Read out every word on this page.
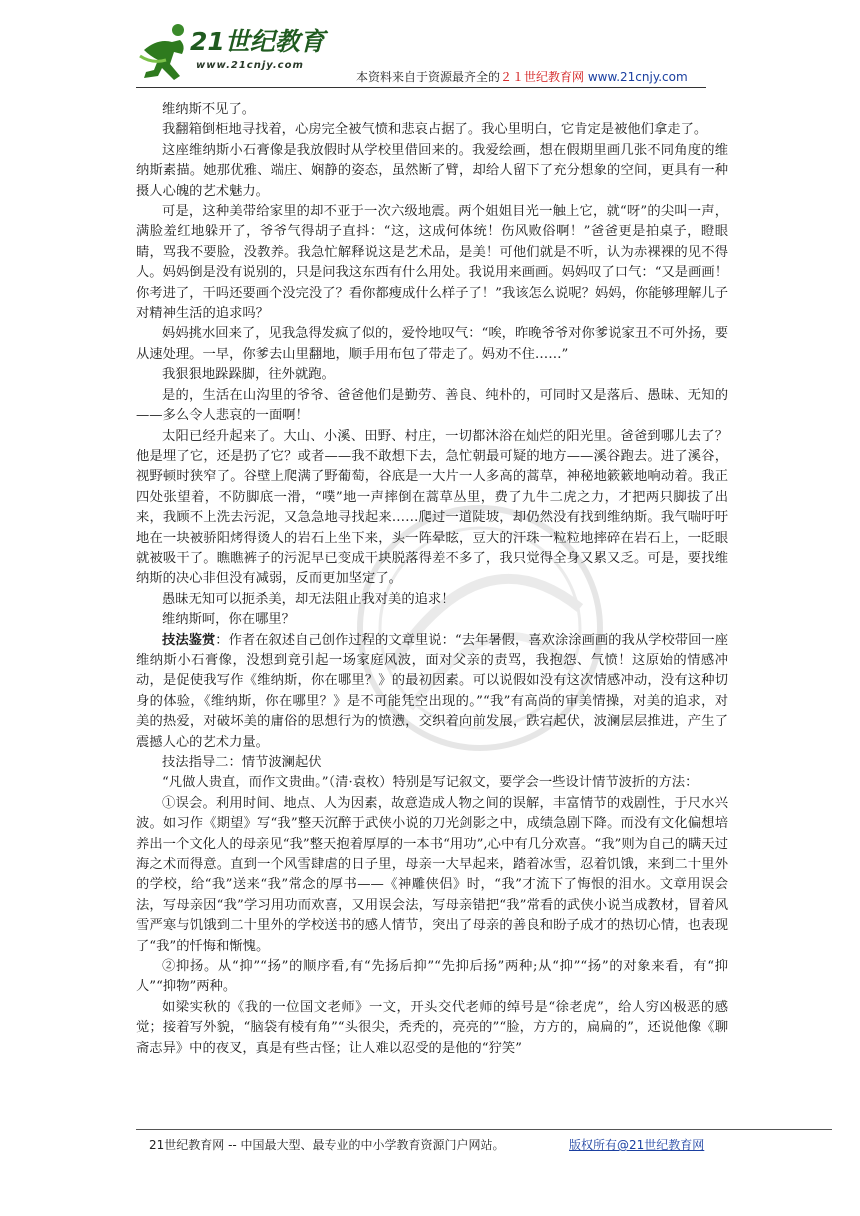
21世纪教育
www.21cnjy.com
本资料来自于资源最齐全的２１世纪教育网 www.21cnjy.com

维纳斯不见了。

我翻箱倒柜地寻找着，心房完全被气愤和悲哀占据了。我心里明白，它肯定是被他们拿走了。

这座维纳斯小石膏像是我放假时从学校里借回来的。我爱绘画，想在假期里画几张不同角度的维纳斯素描。她那优雅、端庄、娴静的姿态，虽然断了臂，却给人留下了充分想象的空间，更具有一种摄人心魄的艺术魅力。

可是，这种美带给家里的却不亚于一次六级地震。两个姐姐目光一触上它，就“呀”的尖叫一声，满脸羞红地躲开了，爷爷气得胡子直抖：“这，这成何体统！伤风败俗啊！”爸爸更是拍桌子，瞪眼睛，骂我不要脸，没教养。我急忙解释说这是艺术品，是美！可他们就是不听，认为赤裸裸的见不得人。妈妈倒是没有说别的，只是问我这东西有什么用处。我说用来画画。妈妈叹了口气：“又是画画！你考进了，干吗还要画个没完没了？看你都瘦成什么样子了！”我该怎么说呢？妈妈，你能够理解儿子对精神生活的追求吗？

妈妈挑水回来了，见我急得发疯了似的，爱怜地叹气：“唉，昨晚爷爷对你爹说家丑不可外扬，要从速处理。一早，你爹去山里翻地，顺手用布包了带走了。妈劝不住……”

我狠狠地跺跺脚，往外就跑。

是的，生活在山沟里的爷爷、爸爸他们是勤劳、善良、纯朴的，可同时又是落后、愚昧、无知的——多么令人悲哀的一面啊！

太阳已经升起来了。大山、小溪、田野、村庄，一切都沐浴在灿烂的阳光里。爸爸到哪儿去了？他是埋了它，还是扔了它？或者——我不敢想下去，急忙朝最可疑的地方——溪谷跑去。进了溪谷，视野顿时狭窄了。谷壁上爬满了野葡萄，谷底是一大片一人多高的蒿草，神秘地簌簌地响动着。我正四处张望着，不防脚底一滑，“噗”地一声摔倒在蒿草丛里，费了九牛二虎之力，才把两只脚拔了出来，我顾不上洗去污泥，又急急地寻找起来……爬过一道陡坡，却仍然没有找到维纳斯。我气喘吁吁地在一块被骄阳烤得烫人的岩石上坐下来，头一阵晕眩，豆大的汗珠一粒粒地摔碎在岩石上，一眨眼就被吸干了。瞧瞧裤子的污泥早已变成干块脱落得差不多了，我只觉得全身又累又乏。可是，要找维纳斯的决心非但没有减弱，反而更加坚定了。

愚昧无知可以扼杀美，却无法阻止我对美的追求！

维纳斯呵，你在哪里？

技法鉴赏：作者在叙述自己创作过程的文章里说：“去年暑假，喜欢涂涂画画的我从学校带回一座维纳斯小石膏像，没想到竟引起一场家庭风波，面对父亲的责骂，我抱怨、气愤！这原始的情感冲动，是促使我写作《维纳斯，你在哪里？》的最初因素。可以说假如没有这次情感冲动，没有这种切身的体验，《维纳斯，你在哪里？》是不可能凭空出现的。”“我”有高尚的审美情操，对美的追求，对美的热爱，对破坏美的庸俗的思想行为的愤懑，交织着向前发展，跌宕起伏，波澜层层推进，产生了震撼人心的艺术力量。

技法指导二：情节波澜起伏

“凡做人贵直，而作文贵曲。”（清·袁枚）特别是写记叙文，要学会一些设计情节波折的方法：

①误会。利用时间、地点、人为因素，故意造成人物之间的误解，丰富情节的戏剧性，于尺水兴波。如习作《期望》写“我”整天沉醉于武侠小说的刀光剑影之中，成绩急剧下降。而没有文化偏想培养出一个文化人的母亲见“我”整天抱着厚厚的一本书“用功”,心中有几分欢喜。“我”则为自己的瞒天过海之术而得意。直到一个风雪肆虐的日子里，母亲一大早起来，踏着冰雪，忍着饥饿，来到二十里外的学校，给“我”送来“我”常念的厚书——《神雕侠侣》时，“我”才流下了悔恨的泪水。文章用误会法，写母亲因“我”学习用功而欢喜，又用误会法，写母亲错把“我”常看的武侠小说当成教材，冒着风雪严寒与饥饿到二十里外的学校送书的感人情节，突出了母亲的善良和盼子成才的热切心情，也表现了“我”的忏悔和惭愧。

②抑扬。从“抑”“扬”的顺序看,有“先扬后抑”“先抑后扬”两种;从“抑”“扬”的对象来看，有“抑人”“抑物”两种。

如梁实秋的《我的一位国文老师》一文，开头交代老师的绰号是“徐老虎”，给人穷凶极恶的感觉；接着写外貌，“脑袋有棱有角”“头很尖，秃秃的，亮亮的”“脸，方方的，扁扁的”，还说他像《聊斋志异》中的夜叉，真是有些古怪；让人难以忍受的是他的“狞笑”

21世纪教育网 -- 中国最大型、最专业的中小学教育资源门户网站。	版权所有@21世纪教育网
